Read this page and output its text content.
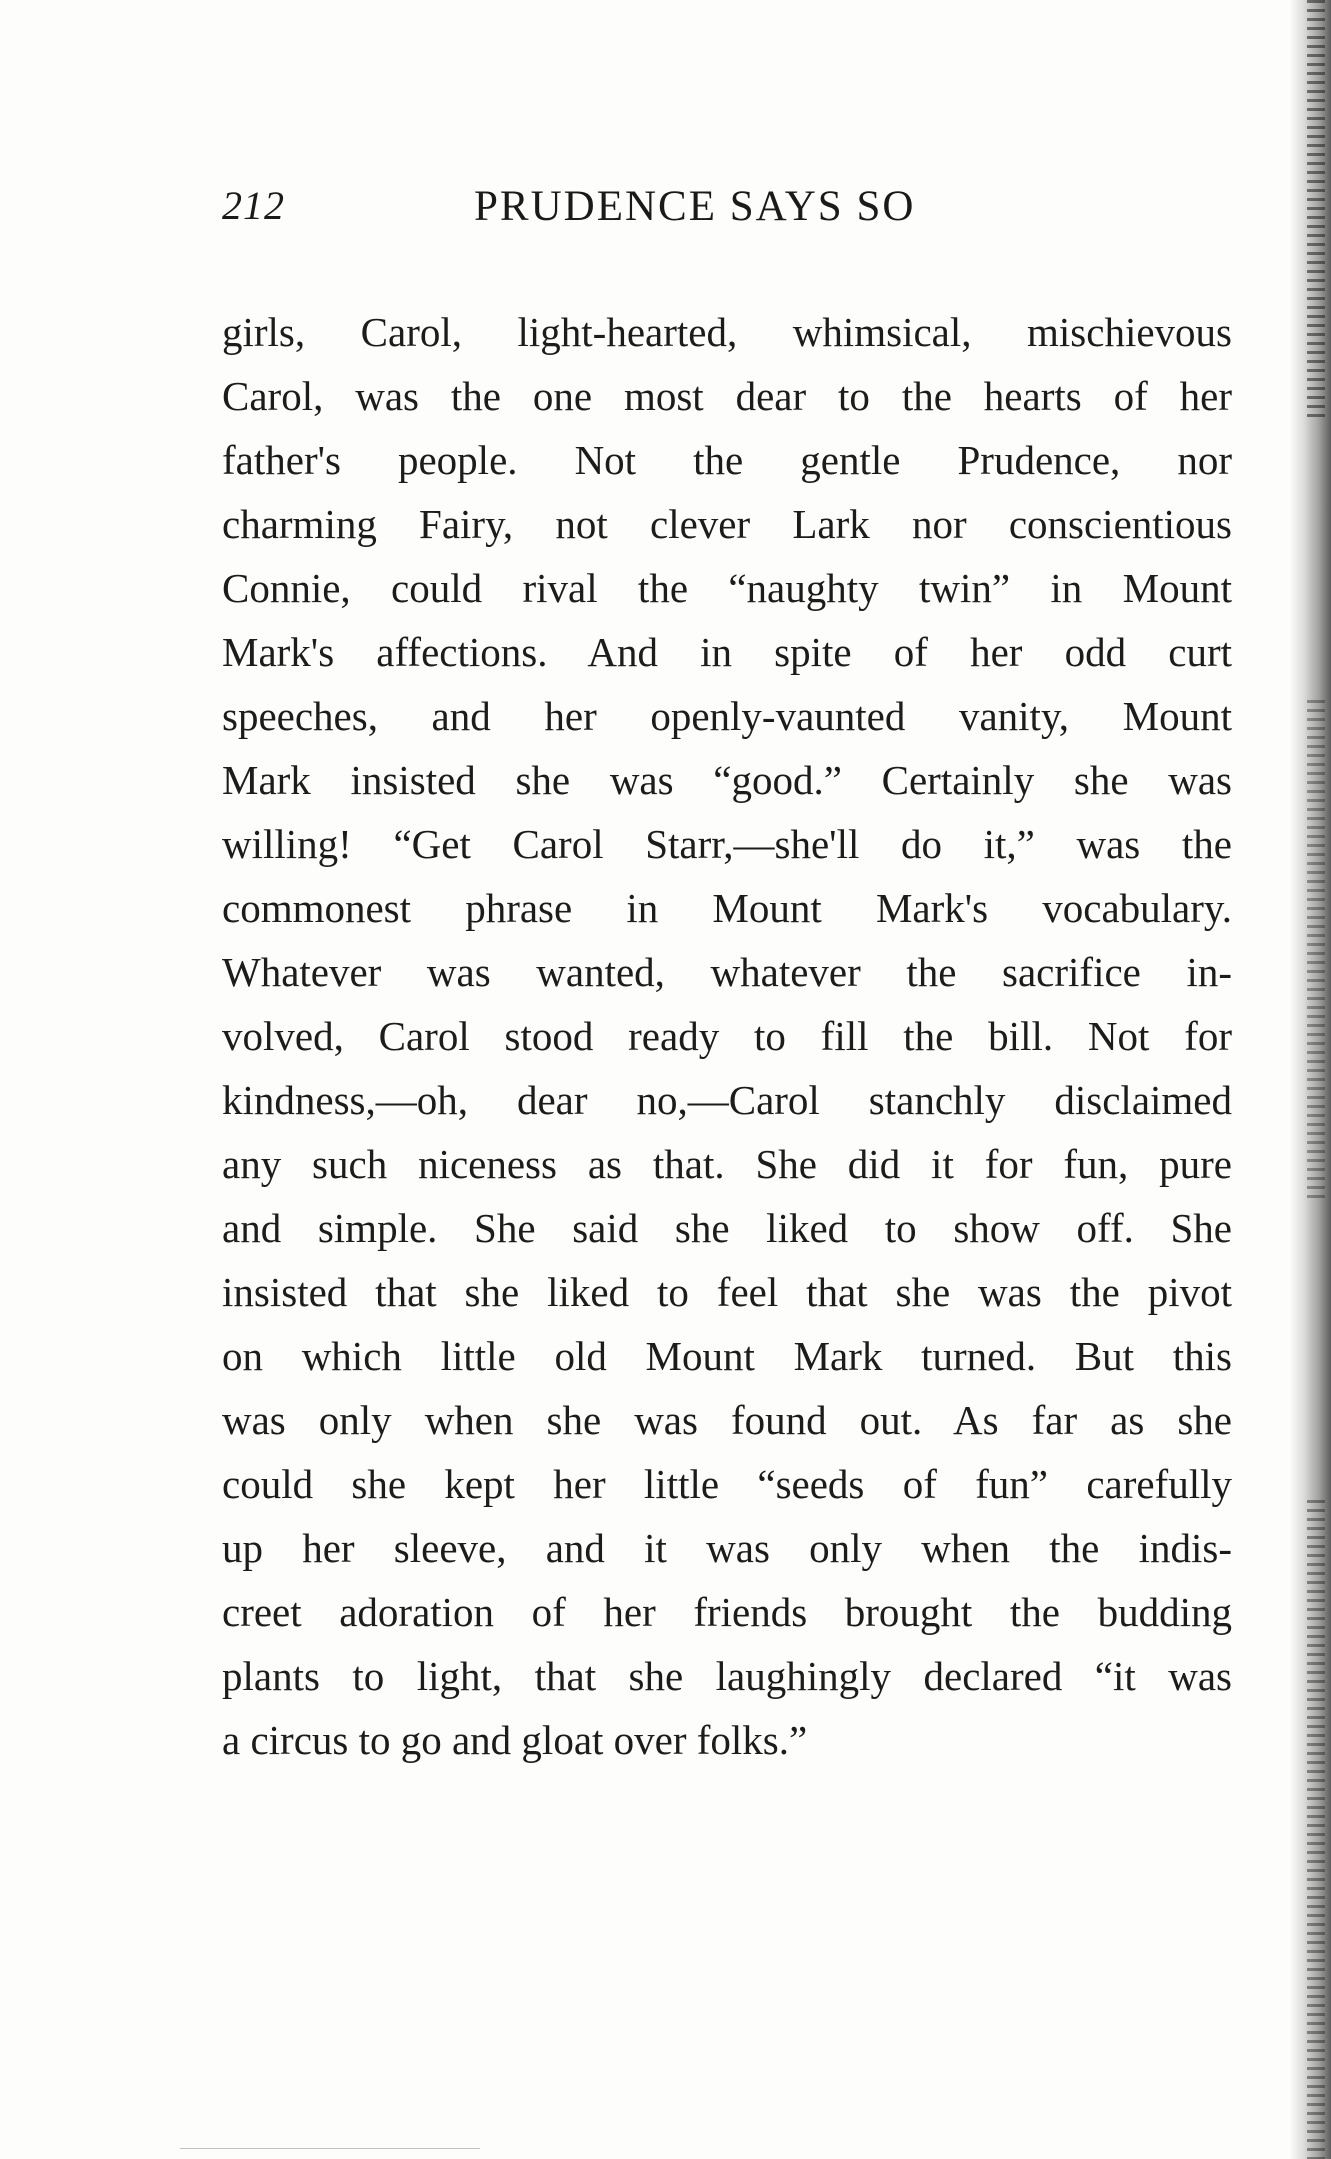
212	PRUDENCE SAYS SO
girls, Carol, light-hearted, whimsical, mischievous
Carol, was the one most dear to the hearts of her
father's people. Not the gentle Prudence, nor
charming Fairy, not clever Lark nor conscientious
Connie, could rival the “naughty twin” in Mount
Mark's affections. And in spite of her odd curt
speeches, and her openly-vaunted vanity, Mount
Mark insisted she was “good.” Certainly she was
willing! “Get Carol Starr,—she'll do it,” was the
commonest phrase in Mount Mark's vocabulary.
Whatever was wanted, whatever the sacrifice in-
volved, Carol stood ready to fill the bill. Not for
kindness,—oh, dear no,—Carol stanchly disclaimed
any such niceness as that. She did it for fun, pure
and simple. She said she liked to show off. She
insisted that she liked to feel that she was the pivot
on which little old Mount Mark turned. But this
was only when she was found out. As far as she
could she kept her little “seeds of fun” carefully
up her sleeve, and it was only when the indis-
creet adoration of her friends brought the budding
plants to light, that she laughingly declared “it was
a circus to go and gloat over folks.”
